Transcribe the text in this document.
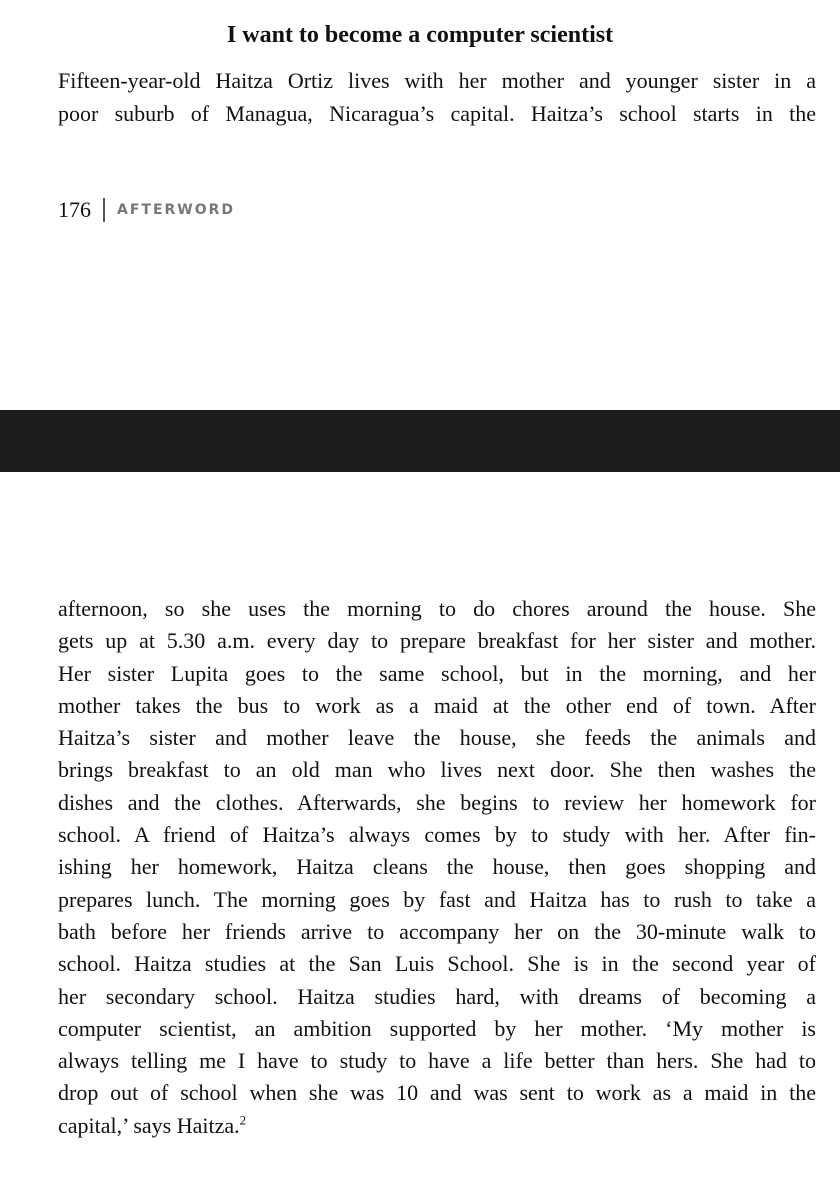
I want to become a computer scientist
Fifteen-year-old Haitza Ortiz lives with her mother and younger sister in a
poor suburb of Managua, Nicaragua’s capital. Haitza’s school starts in the
176 AFTERWORD
afternoon, so she uses the morning to do chores around the house. She
gets up at 5.30 a.m. every day to prepare breakfast for her sister and mother.
Her sister Lupita goes to the same school, but in the morning, and her
mother takes the bus to work as a maid at the other end of town. After
Haitza’s sister and mother leave the house, she feeds the animals and
brings breakfast to an old man who lives next door. She then washes the
dishes and the clothes. Afterwards, she begins to review her homework for
school. A friend of Haitza’s always comes by to study with her. After fin-
ishing her homework, Haitza cleans the house, then goes shopping and
prepares lunch. The morning goes by fast and Haitza has to rush to take a
bath before her friends arrive to accompany her on the 30-minute walk to
school. Haitza studies at the San Luis School. She is in the second year of
her secondary school. Haitza studies hard, with dreams of becoming a
computer scientist, an ambition supported by her mother. ‘My mother is
always telling me I have to study to have a life better than hers. She had to
drop out of school when she was 10 and was sent to work as a maid in the
capital,’ says Haitza.$^2$
